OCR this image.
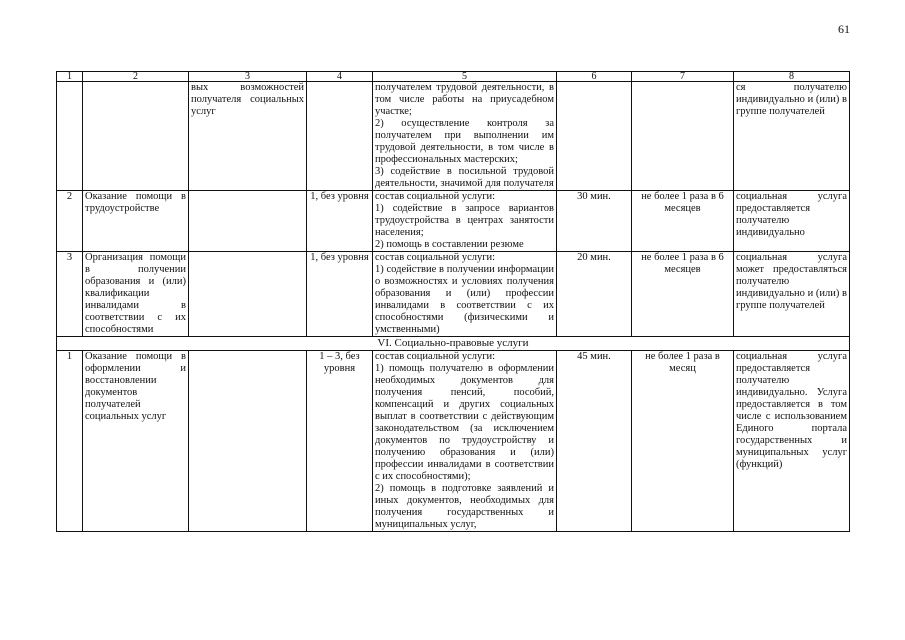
61
1	2	3	4	5	6	7	8
		вых возможностей получателя социальных услуг		получателем трудовой деятельности, в том числе работы на приусадебном участке;
2) осуществление контроля за получателем при выполнении им трудовой деятельности, в том числе в профессиональных мастерских;
3) содействие в посильной трудовой деятельности, значимой для получателя			ся получателю индивидуально и (или) в группе получателей
2	Оказание помощи в трудоустройстве		1, без уровня	состав социальной услуги:
1) содействие в запросе вариантов трудоустройства в центрах занятости населения;
2) помощь в составлении резюме	30 мин.	не более 1 раза в 6 месяцев	социальная услуга предоставляется получателю индивидуально
3	Организация помощи в получении образования и (или) квалификации инвалидами в соответствии с их способностями		1, без уровня	состав социальной услуги:
1) содействие в получении информации о возможностях и условиях получения образования и (или) профессии инвалидами в соответствии с их способностями (физическими и умственными)	20 мин.	не более 1 раза в 6 месяцев	социальная услуга может предоставляться получателю индивидуально и (или) в группе получателей
VI. Социально-правовые услуги							
1	Оказание помощи в оформлении и восстановлении документов получателей социальных услуг		1 – 3, без уровня	состав социальной услуги:
1) помощь получателю в оформлении необходимых документов для получения пенсий, пособий, компенсаций и других социальных выплат в соответствии с действующим законодательством (за исключением документов по трудоустройству и получению образования и (или) профессии инвалидами в соответствии с их способностями);
2) помощь в подготовке заявлений и иных документов, необходимых для получения государственных и муниципальных услуг,	45 мин.	не более 1 раза в месяц	социальная услуга предоставляется получателю индивидуально. Услуга предоставляется в том числе с использованием Единого портала государственных и муниципальных услуг (функций)
